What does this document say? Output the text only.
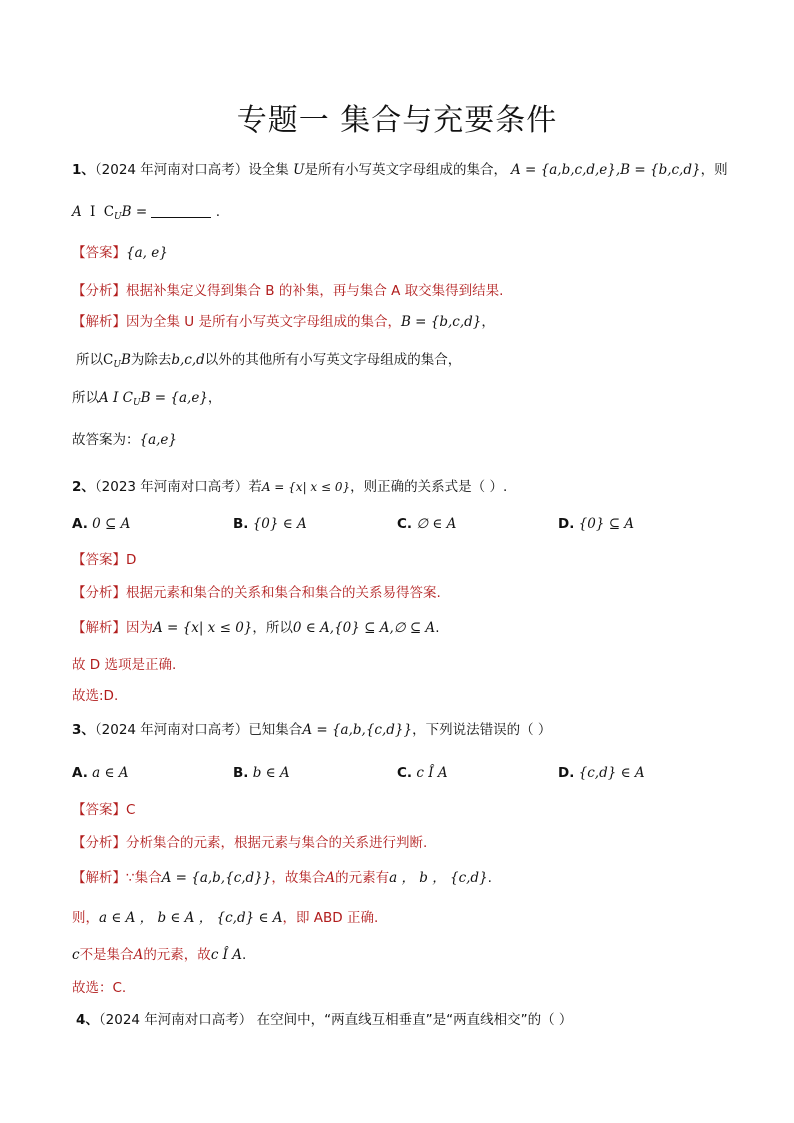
专题一 集合与充要条件
1、（2024 年河南对口高考）设全集 U是所有小写英文字母组成的集合， A = {a,b,c,d,e},B = {b,c,d}，则
A I $C_UB$ =	.
【答案】{a, e}
【分析】根据补集定义得到集合 B 的补集，再与集合 A 取交集得到结果.
【解析】因为全集 U 是所有小写英文字母组成的集合，B = {b,c,d}，
所以$C_UB$为除去b,c,d以外的其他所有小写英文字母组成的集合，
所以A I $C_UB = \{a,e\}$，
故答案为：{a,e}
2、（2023 年河南对口高考）若A = {x| x ≤ 0}，则正确的关系式是（ ）.
A. 0 ⊆ A	B. {0} ∈ A	C. ∅ ∈ A	D. {0} ⊆ A
【答案】D
【分析】根据元素和集合的关系和集合和集合的关系易得答案.
【解析】因为A = {x| x ≤ 0}，所以0 ∈ A,{0} ⊆ A,∅ ⊆ A.
故 D 选项是正确.
故选:D.
3、（2024 年河南对口高考）已知集合A = {a,b,{c,d}}，下列说法错误的（ ）
A. a ∈ A	B. b ∈ A	C. c Î A	D. {c,d} ∈ A
【答案】C
【分析】分析集合的元素，根据元素与集合的关系进行判断.
【解析】∵集合A = {a,b,{c,d}}，故集合A的元素有a ， b ， {c,d}.
则，a ∈ A ， b ∈ A ， {c,d} ∈ A，即 ABD 正确.
c不是集合A的元素，故c Î A.
故选：C.
4、（2024 年河南对口高考） 在空间中，“两直线互相垂直”是“两直线相交”的（ ）
